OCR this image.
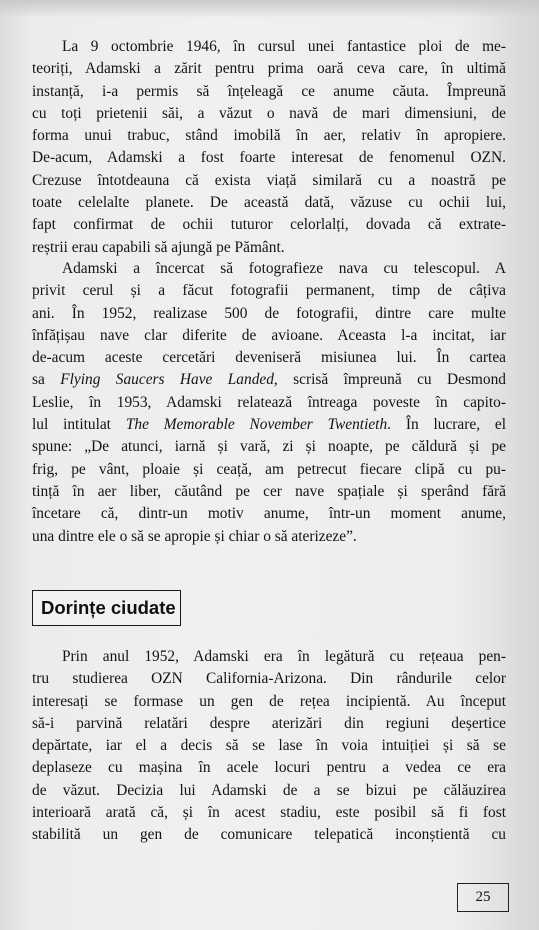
La 9 octombrie 1946, în cursul unei fantastice ploi de me-
teoriți, Adamski a zărit pentru prima oară ceva care, în ultimă
instanță, i-a permis să înțeleagă ce anume căuta. Împreună
cu toți prietenii săi, a văzut o navă de mari dimensiuni, de
forma unui trabuc, stând imobilă în aer, relativ în apropiere.
De-acum, Adamski a fost foarte interesat de fenomenul OZN.
Crezuse întotdeauna că exista viață similară cu a noastră pe
toate celelalte planete. De această dată, văzuse cu ochii lui,
fapt confirmat de ochii tuturor celorlalți, dovada că extrate-
reștrii erau capabili să ajungă pe Pământ.
Adamski a încercat să fotografieze nava cu telescopul. A
privit cerul și a făcut fotografii permanent, timp de câțiva
ani. În 1952, realizase 500 de fotografii, dintre care multe
înfățișau nave clar diferite de avioane. Aceasta l-a incitat, iar
de-acum aceste cercetări deveniseră misiunea lui. În cartea
sa Flying Saucers Have Landed, scrisă împreună cu Desmond
Leslie, în 1953, Adamski relatează întreaga poveste în capito-
lul intitulat The Memorable November Twentieth. În lucrare, el
spune: „De atunci, iarnă și vară, zi și noapte, pe căldură și pe
frig, pe vânt, ploaie și ceață, am petrecut fiecare clipă cu pu-
tință în aer liber, căutând pe cer nave spațiale și sperând fără
încetare că, dintr-un motiv anume, într-un moment anume,
una dintre ele o să se apropie și chiar o să aterizeze”.
Dorințe ciudate
Prin anul 1952, Adamski era în legătură cu rețeaua pen-
tru studierea OZN California-Arizona. Din rândurile celor
interesați se formase un gen de rețea incipientă. Au început
să-i parvină relatări despre aterizări din regiuni deșertice
depărtate, iar el a decis să se lase în voia intuiției și să se
deplaseze cu mașina în acele locuri pentru a vedea ce era
de văzut. Decizia lui Adamski de a se bizui pe călăuzirea
interioară arată că, și în acest stadiu, este posibil să fi fost
stabilită un gen de comunicare telepatică inconștientă cu
25
